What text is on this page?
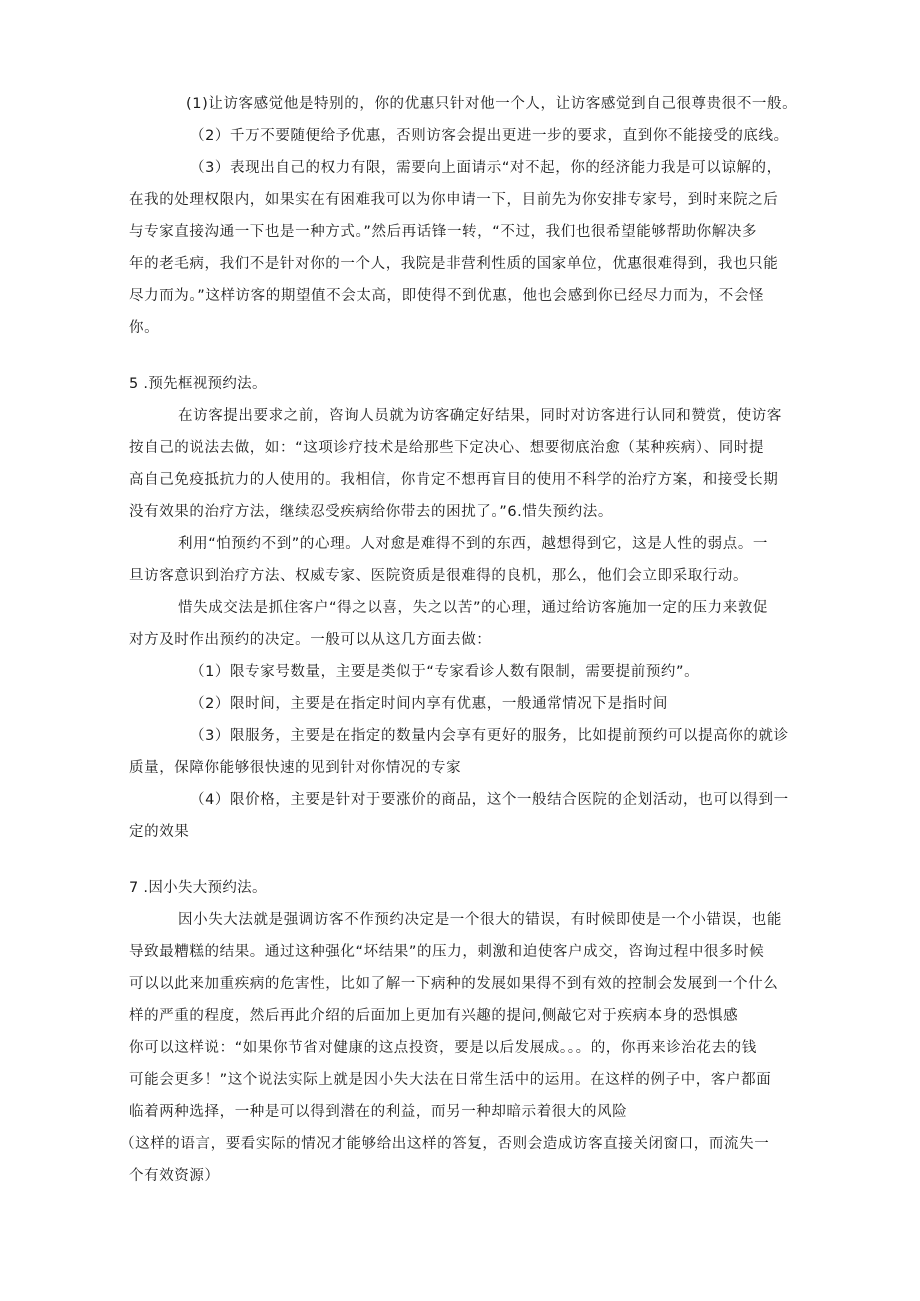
(1)让访客感觉他是特别的，你的优惠只针对他一个人，让访客感觉到自己很尊贵很不一般。
（2）千万不要随便给予优惠，否则访客会提出更进一步的要求，直到你不能接受的底线。
（3）表现出自己的权力有限，需要向上面请示“对不起，你的经济能力我是可以谅解的，
在我的处理权限内，如果实在有困难我可以为你申请一下，目前先为你安排专家号，到时来院之后
与专家直接沟通一下也是一种方式。”然后再话锋一转，“不过，我们也很希望能够帮助你解决多
年的老毛病，我们不是针对你的一个人，我院是非营利性质的国家单位，优惠很难得到，我也只能
尽力而为。”这样访客的期望值不会太高，即使得不到优惠，他也会感到你已经尽力而为，不会怪
你。
5 .预先框视预约法。
在访客提出要求之前，咨询人员就为访客确定好结果，同时对访客进行认同和赞赏，使访客
按自己的说法去做，如：“这项诊疗技术是给那些下定决心、想要彻底治愈（某种疾病）、同时提
高自己免疫抵抗力的人使用的。我相信，你肯定不想再盲目的使用不科学的治疗方案，和接受长期
没有效果的治疗方法，继续忍受疾病给你带去的困扰了。”6.惜失预约法。
利用“怕预约不到”的心理。人对愈是难得不到的东西，越想得到它，这是人性的弱点。一
旦访客意识到治疗方法、权威专家、医院资质是很难得的良机，那么，他们会立即采取行动。
惜失成交法是抓住客户“得之以喜，失之以苦”的心理，通过给访客施加一定的压力来敦促
对方及时作出预约的决定。一般可以从这几方面去做：
（1）限专家号数量，主要是类似于“专家看诊人数有限制，需要提前预约”。
（2）限时间，主要是在指定时间内享有优惠，一般通常情况下是指时间
（3）限服务，主要是在指定的数量内会享有更好的服务，比如提前预约可以提高你的就诊
质量，保障你能够很快速的见到针对你情况的专家
（4）限价格，主要是针对于要涨价的商品，这个一般结合医院的企划活动，也可以得到一
定的效果
7 .因小失大预约法。
因小失大法就是强调访客不作预约决定是一个很大的错误，有时候即使是一个小错误，也能
导致最糟糕的结果。通过这种强化“坏结果”的压力，刺激和迫使客户成交，咨询过程中很多时候
可以以此来加重疾病的危害性，比如了解一下病种的发展如果得不到有效的控制会发展到一个什么
样的严重的程度，然后再此介绍的后面加上更加有兴趣的提问,侧敲它对于疾病本身的恐惧感
你可以这样说：“如果你节省对健康的这点投资，要是以后发展成。。。的，你再来诊治花去的钱
可能会更多！”这个说法实际上就是因小失大法在日常生活中的运用。在这样的例子中，客户都面
临着两种选择，一种是可以得到潜在的利益，而另一种却暗示着很大的风险
（这样的语言，要看实际的情况才能够给出这样的答复，否则会造成访客直接关闭窗口，而流失一
个有效资源）
